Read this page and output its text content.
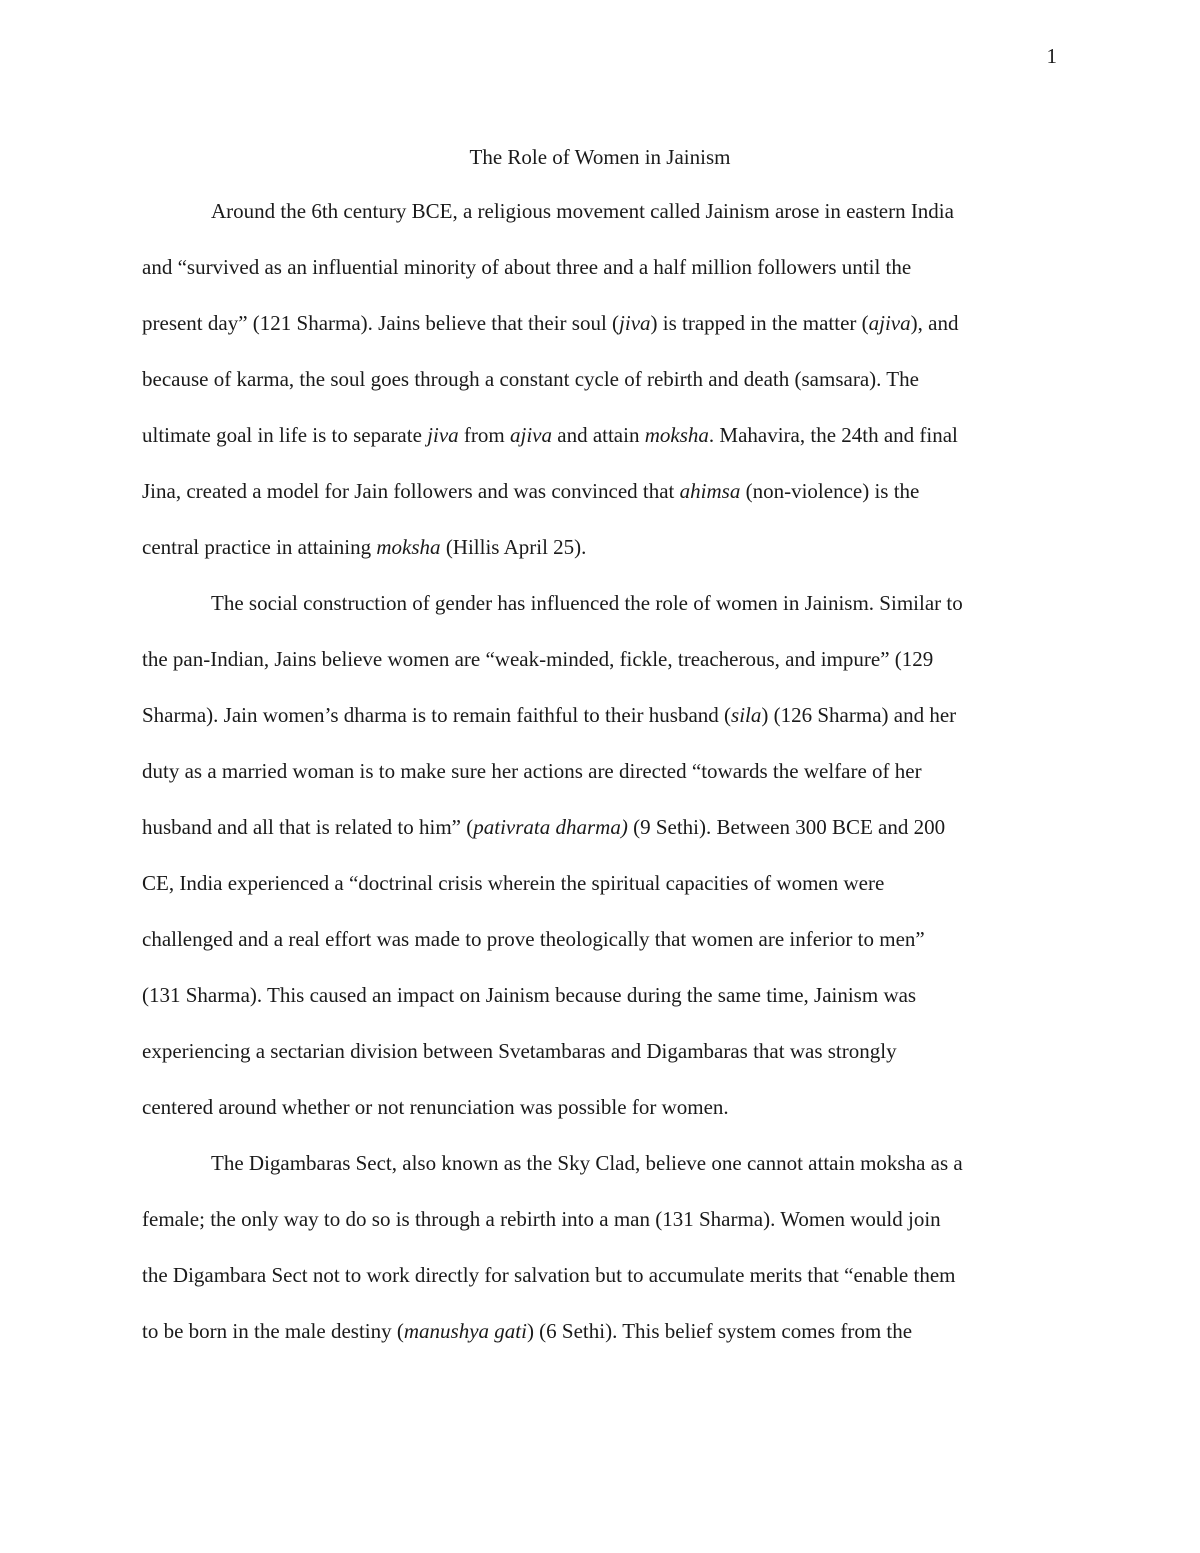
1
The Role of Women in Jainism
Around the 6th century BCE, a religious movement called Jainism arose in eastern India
and “survived as an influential minority of about three and a half million followers until the
present day” (121 Sharma). Jains believe that their soul (jiva) is trapped in the matter (ajiva), and
because of karma, the soul goes through a constant cycle of rebirth and death (samsara). The
ultimate goal in life is to separate jiva from ajiva and attain moksha. Mahavira, the 24th and final
Jina, created a model for Jain followers and was convinced that ahimsa (non-violence) is the
central practice in attaining moksha (Hillis April 25).
The social construction of gender has influenced the role of women in Jainism. Similar to
the pan-Indian, Jains believe women are “weak-minded, fickle, treacherous, and impure” (129
Sharma). Jain women’s dharma is to remain faithful to their husband (sila) (126 Sharma) and her
duty as a married woman is to make sure her actions are directed “towards the welfare of her
husband and all that is related to him” (pativrata dharma) (9 Sethi). Between 300 BCE and 200
CE, India experienced a “doctrinal crisis wherein the spiritual capacities of women were
challenged and a real effort was made to prove theologically that women are inferior to men”
(131 Sharma). This caused an impact on Jainism because during the same time, Jainism was
experiencing a sectarian division between Svetambaras and Digambaras that was strongly
centered around whether or not renunciation was possible for women.
The Digambaras Sect, also known as the Sky Clad, believe one cannot attain moksha as a
female; the only way to do so is through a rebirth into a man (131 Sharma). Women would join
the Digambara Sect not to work directly for salvation but to accumulate merits that “enable them
to be born in the male destiny (manushya gati) (6 Sethi). This belief system comes from the
